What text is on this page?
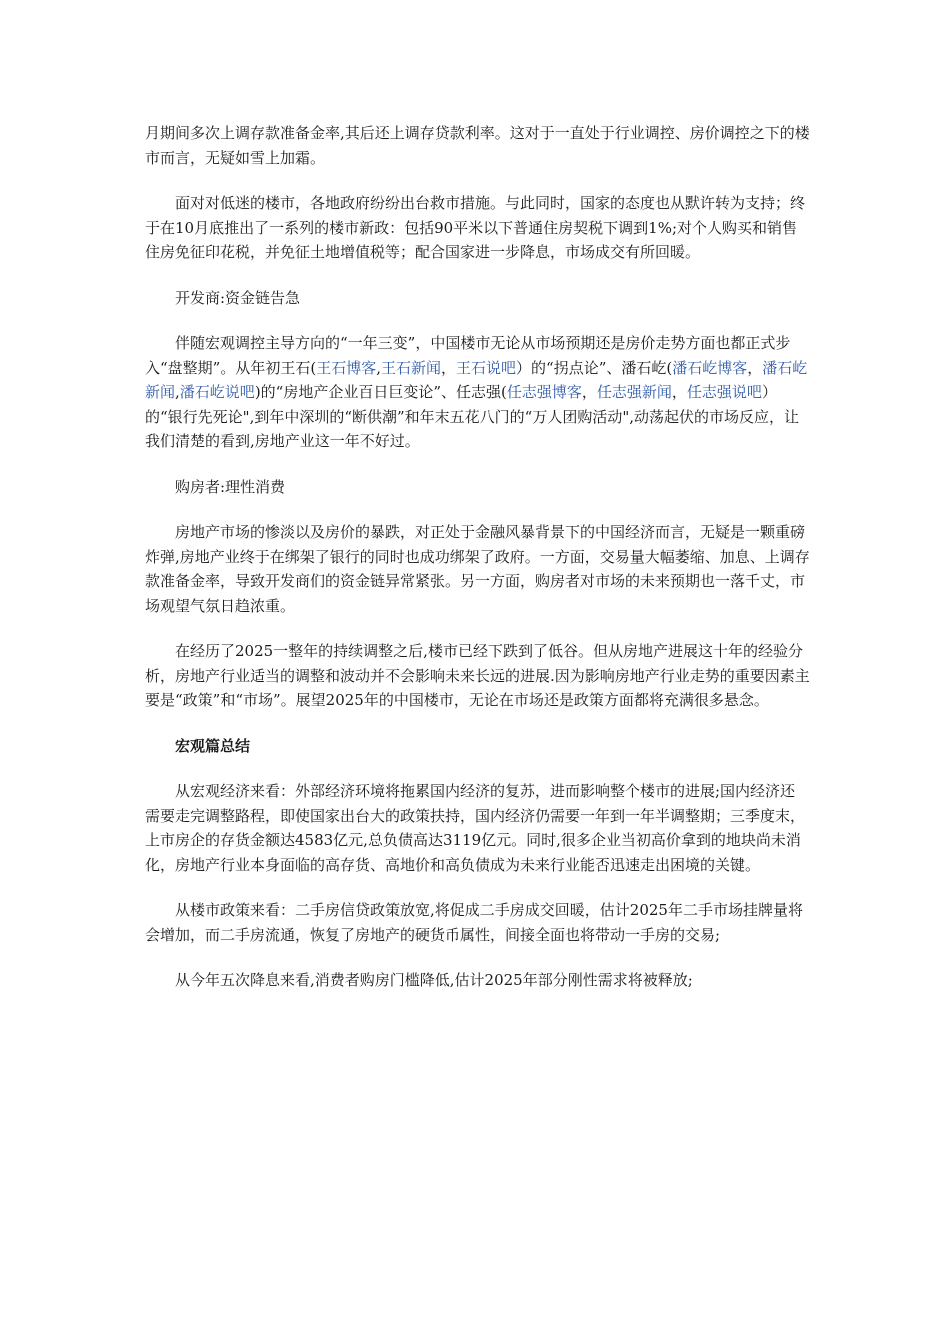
月期间多次上调存款准备金率,其后还上调存贷款利率。这对于一直处于行业调控、房价调控之下的楼市而言，无疑如雪上加霜。

面对对低迷的楼市，各地政府纷纷出台救市措施。与此同时，国家的态度也从默许转为支持；终于在10月底推出了一系列的楼市新政：包括90平米以下普通住房契税下调到1%;对个人购买和销售住房免征印花税，并免征土地增值税等；配合国家进一步降息，市场成交有所回暖。

开发商:资金链告急

伴随宏观调控主导方向的“一年三变”，中国楼市无论从市场预期还是房价走势方面也都正式步入“盘整期”。从年初王石(王石博客,王石新闻，王石说吧）的“拐点论”、潘石屹(潘石屹博客，潘石屹新闻,潘石屹说吧)的“房地产企业百日巨变论”、任志强(任志强博客，任志强新闻，任志强说吧）的“银行先死论",到年中深圳的“断供潮”和年末五花八门的“万人团购活动",动荡起伏的市场反应，让我们清楚的看到,房地产业这一年不好过。

购房者:理性消费

房地产市场的惨淡以及房价的暴跌，对正处于金融风暴背景下的中国经济而言，无疑是一颗重磅炸弹,房地产业终于在绑架了银行的同时也成功绑架了政府。一方面，交易量大幅萎缩、加息、上调存款准备金率，导致开发商们的资金链异常紧张。另一方面，购房者对市场的未来预期也一落千丈，市场观望气氛日趋浓重。

在经历了2025一整年的持续调整之后,楼市已经下跌到了低谷。但从房地产进展这十年的经验分析，房地产行业适当的调整和波动并不会影响未来长远的进展.因为影响房地产行业走势的重要因素主要是“政策”和“市场”。展望2025年的中国楼市，无论在市场还是政策方面都将充满很多悬念。

宏观篇总结

从宏观经济来看：外部经济环境将拖累国内经济的复苏，进而影响整个楼市的进展;国内经济还需要走完调整路程，即使国家出台大的政策扶持，国内经济仍需要一年到一年半调整期；三季度末，上市房企的存货金额达4583亿元,总负债高达3119亿元。同时,很多企业当初高价拿到的地块尚未消化，房地产行业本身面临的高存货、高地价和高负债成为未来行业能否迅速走出困境的关键。

从楼市政策来看：二手房信贷政策放宽,将促成二手房成交回暖，估计2025年二手市场挂牌量将会增加，而二手房流通，恢复了房地产的硬货币属性，间接全面也将带动一手房的交易;

从今年五次降息来看,消费者购房门槛降低,估计2025年部分刚性需求将被释放;
